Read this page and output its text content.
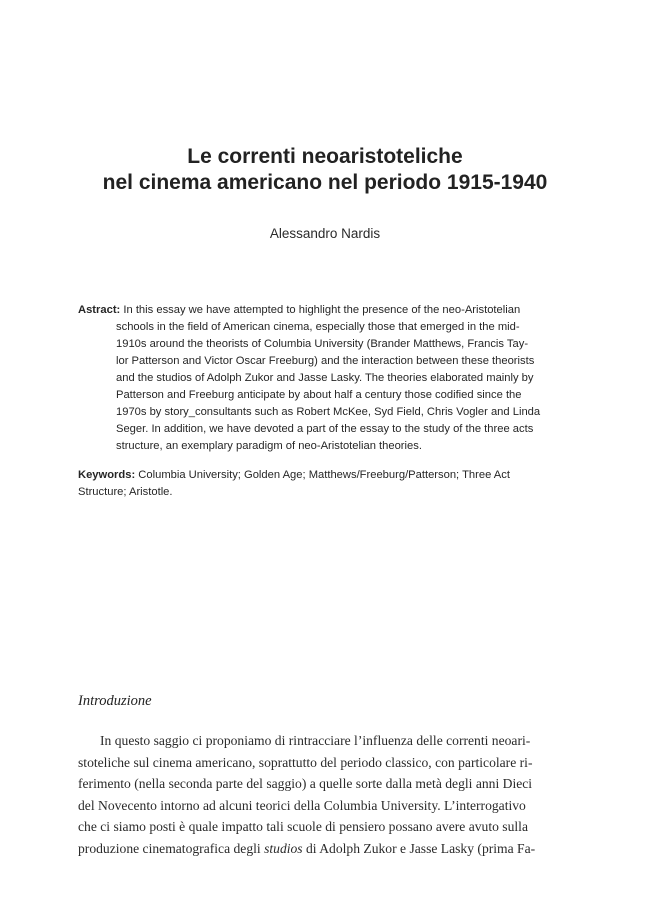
Le correnti neoaristoteliche
nel cinema americano nel periodo 1915-1940
Alessandro Nardis
Astract: In this essay we have attempted to highlight the presence of the neo-Aristotelian
schools in the field of American cinema, especially those that emerged in the mid-
1910s around the theorists of Columbia University (Brander Matthews, Francis Tay-
lor Patterson and Victor Oscar Freeburg) and the interaction between these theorists
and the studios of Adolph Zukor and Jasse Lasky. The theories elaborated mainly by
Patterson and Freeburg anticipate by about half a century those codified since the
1970s by story_consultants such as Robert McKee, Syd Field, Chris Vogler and Linda
Seger. In addition, we have devoted a part of the essay to the study of the three acts
structure, an exemplary paradigm of neo-Aristotelian theories.
Keywords: Columbia University; Golden Age; Matthews/Freeburg/Patterson; Three Act
Structure; Aristotle.
Introduzione
In questo saggio ci proponiamo di rintracciare l’influenza delle correnti neoari-
stoteliche sul cinema americano, soprattutto del periodo classico, con particolare ri-
ferimento (nella seconda parte del saggio) a quelle sorte dalla metà degli anni Dieci
del Novecento intorno ad alcuni teorici della Columbia University. L’interrogativo
che ci siamo posti è quale impatto tali scuole di pensiero possano avere avuto sulla
produzione cinematografica degli studios di Adolph Zukor e Jasse Lasky (prima Fa-
